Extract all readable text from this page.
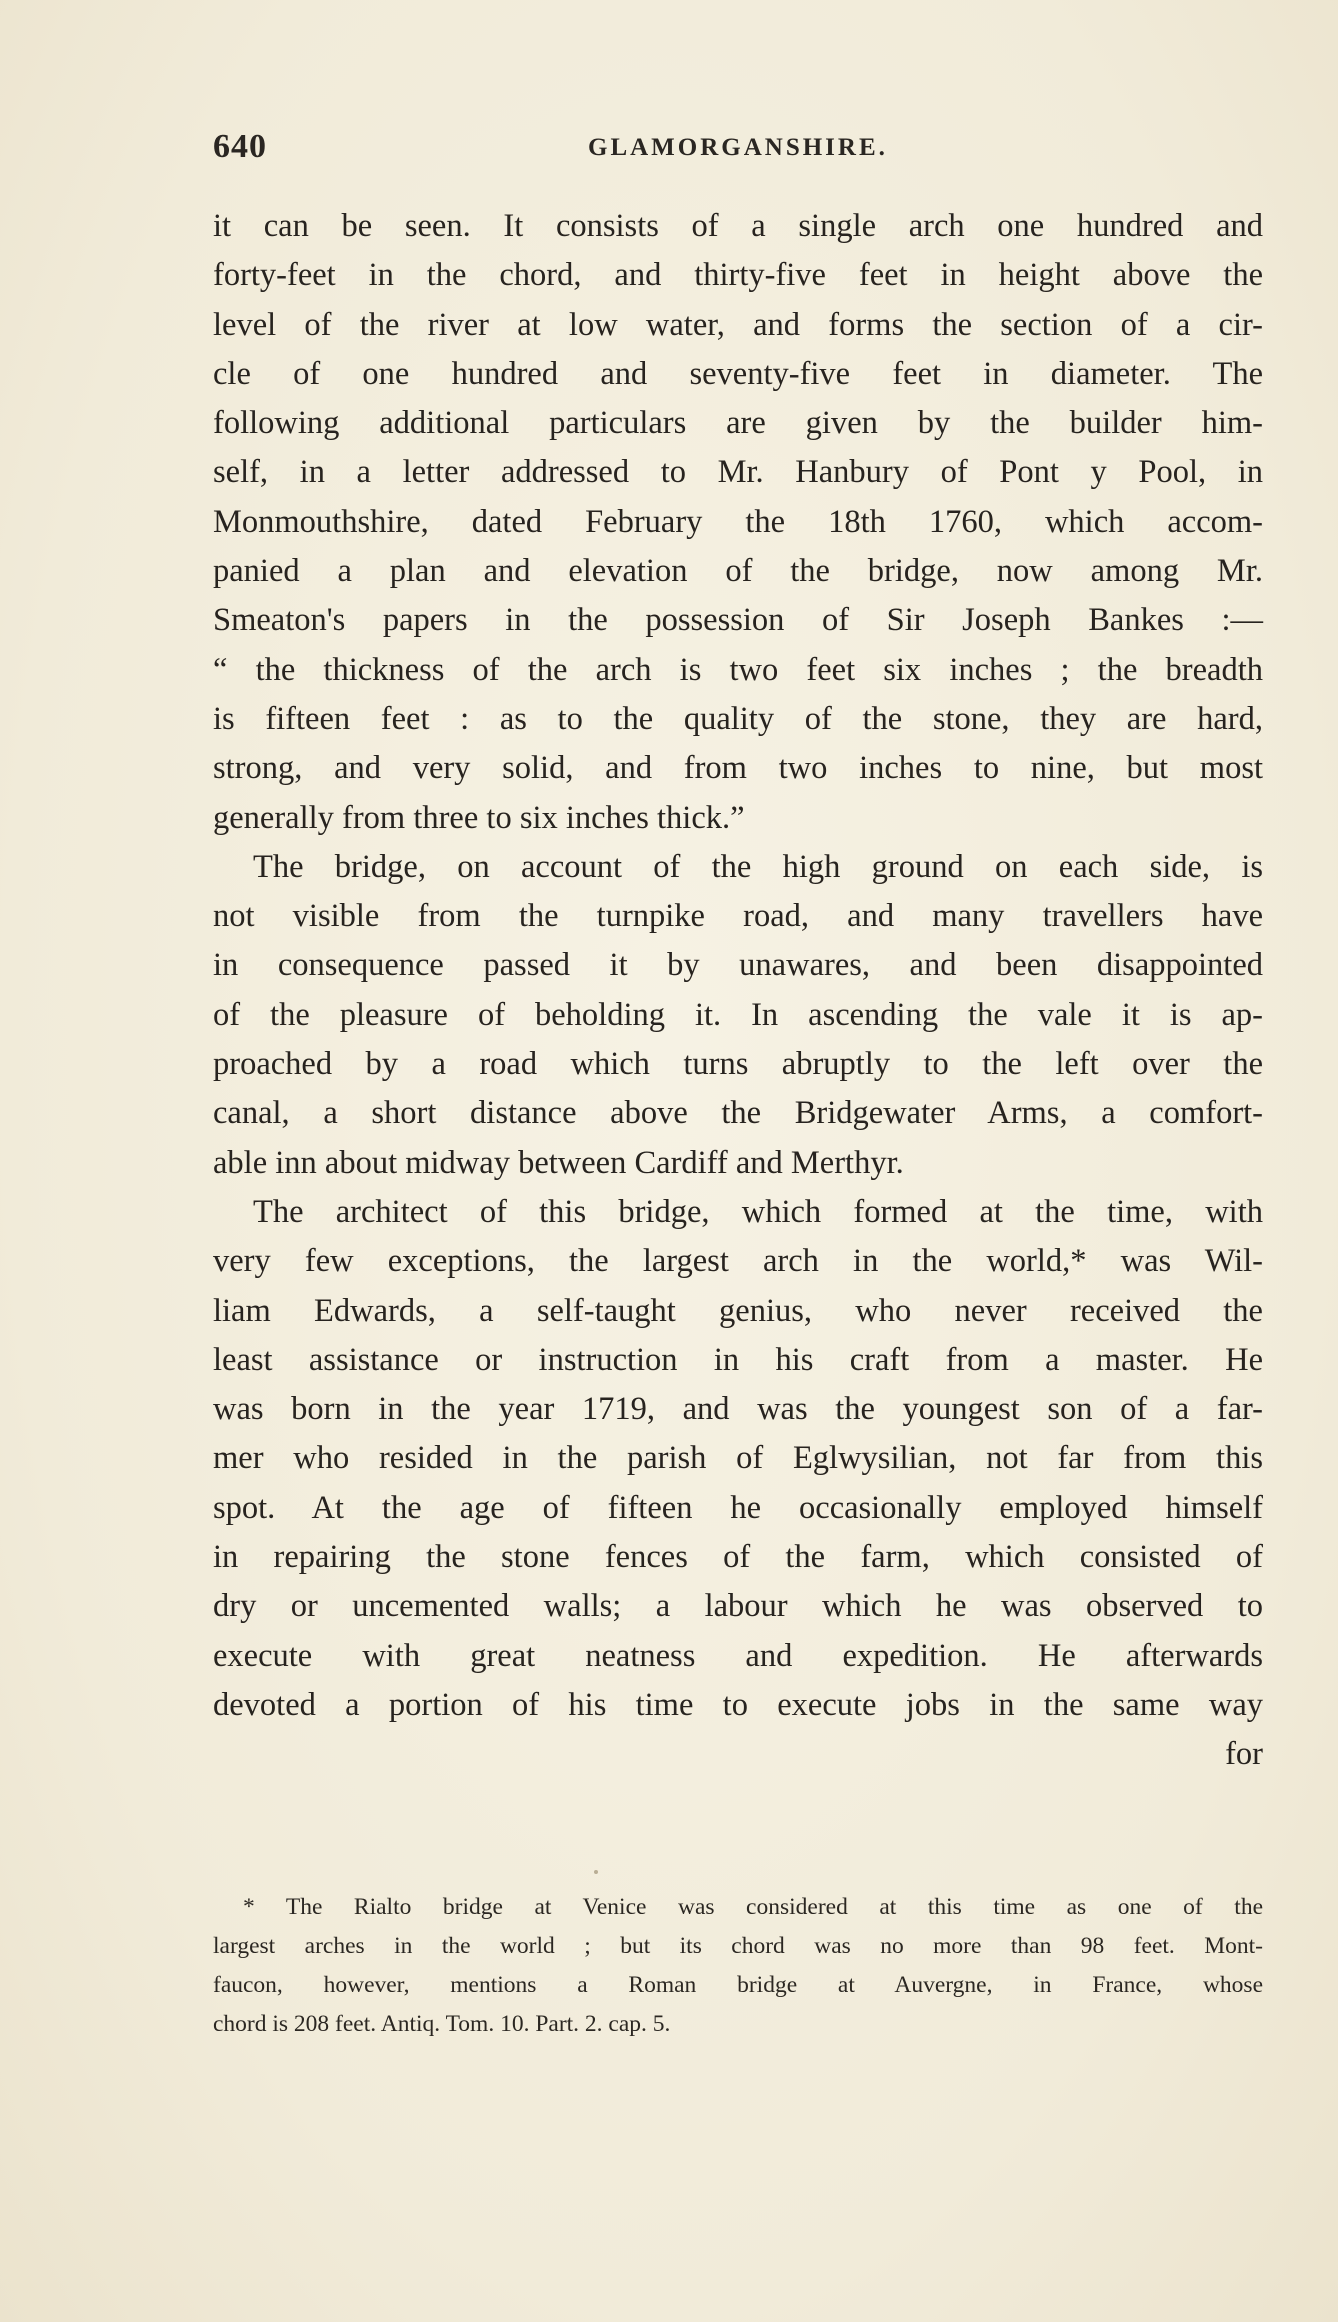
640	GLAMORGANSHIRE.
it can be seen. It consists of a single arch one hundred and
forty-feet in the chord, and thirty-five feet in height above the
level of the river at low water, and forms the section of a cir-
cle of one hundred and seventy-five feet in diameter. The
following additional particulars are given by the builder him-
self, in a letter addressed to Mr. Hanbury of Pont y Pool, in
Monmouthshire, dated February the 18th 1760, which accom-
panied a plan and elevation of the bridge, now among Mr.
Smeaton's papers in the possession of Sir Joseph Bankes :—
“ the thickness of the arch is two feet six inches ; the breadth
is fifteen feet : as to the quality of the stone, they are hard,
strong, and very solid, and from two inches to nine, but most
generally from three to six inches thick.”
The bridge, on account of the high ground on each side, is
not visible from the turnpike road, and many travellers have
in consequence passed it by unawares, and been disappointed
of the pleasure of beholding it. In ascending the vale it is ap-
proached by a road which turns abruptly to the left over the
canal, a short distance above the Bridgewater Arms, a comfort-
able inn about midway between Cardiff and Merthyr.
The architect of this bridge, which formed at the time, with
very few exceptions, the largest arch in the world,* was Wil-
liam Edwards, a self-taught genius, who never received the
least assistance or instruction in his craft from a master. He
was born in the year 1719, and was the youngest son of a far-
mer who resided in the parish of Eglwysilian, not far from this
spot. At the age of fifteen he occasionally employed himself
in repairing the stone fences of the farm, which consisted of
dry or uncemented walls; a labour which he was observed to
execute with great neatness and expedition. He afterwards
devoted a portion of his time to execute jobs in the same way
for
* The Rialto bridge at Venice was considered at this time as one of the
largest arches in the world ; but its chord was no more than 98 feet. Mont-
faucon, however, mentions a Roman bridge at Auvergne, in France, whose
chord is 208 feet. Antiq. Tom. 10. Part. 2. cap. 5.
